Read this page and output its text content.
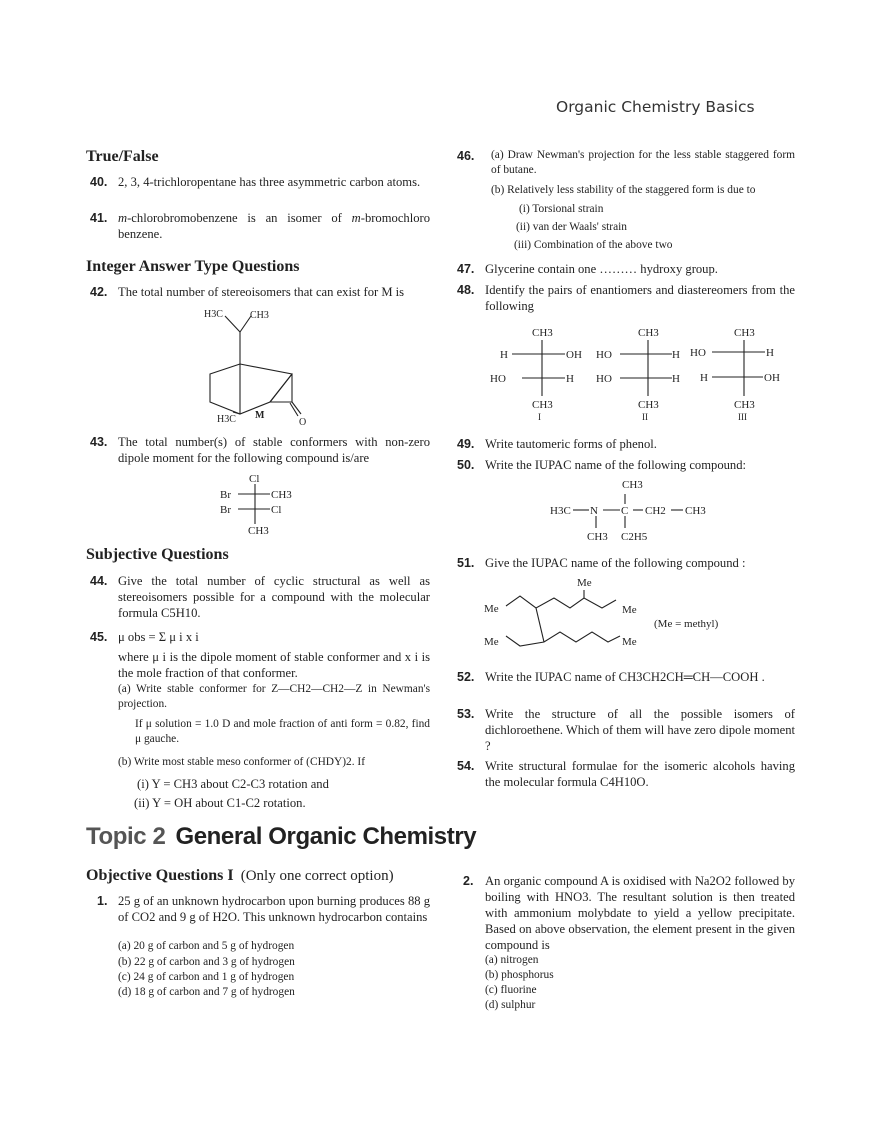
Organic Chemistry Basics
True/False
40. 2, 3, 4-trichloropentane has three asymmetric carbon atoms.
41. m-chlorobromobenzene is an isomer of m-bromochloro benzene.
Integer Answer Type Questions
42. The total number of stereoisomers that can exist for M is
H3C	CH3
H3C M
O
43. The total number(s) of stable conformers with non-zero dipole moment for the following compound is/are
Cl
Br	CH3
Br	Cl
CH3
Subjective Questions
44. Give the total number of cyclic structural as well as stereoisomers possible for a compound with the molecular formula C5H10.
45. μ obs = Σ μ i x i
where μ i is the dipole moment of stable conformer and x i is the mole fraction of that conformer.
(a) Write stable conformer for Z—CH2—CH2—Z in Newman's projection.
If μ solution = 1.0 D and mole fraction of anti form = 0.82, find μ gauche.
(b) Write most stable meso conformer of (CHDY)2. If
(i) Y = CH3 about C2-C3 rotation and
(ii) Y = OH about C1-C2 rotation.
46. (a) Draw Newman's projection for the less stable staggered form of butane.
(b) Relatively less stability of the staggered form is due to
(i) Torsional strain
(ii) van der Waals' strain
(iii) Combination of the above two
47. Glycerine contain one ……… hydroxy group.
48. Identify the pairs of enantiomers and diastereomers from the following
CH3
H	OH
HO	H
CH3
I
CH3
HO	H
HO	H
CH3
II
CH3
HO	H
H	OH
CH3
III
49. Write tautomeric forms of phenol.
50. Write the IUPAC name of the following compound:
CH3
H3C N C CH2 CH3
CH3 C2H5
51. Give the IUPAC name of the following compound :
Me
Me	Me
Me	Me
(Me = methyl)
52. Write the IUPAC name of CH3CH2CH═CH—COOH .
53. Write the structure of all the possible isomers of dichloroethene. Which of them will have zero dipole moment ?
54. Write structural formulae for the isomeric alcohols having the molecular formula C4H10O.
Topic 2 General Organic Chemistry
Objective Questions I (Only one correct option)
1. 25 g of an unknown hydrocarbon upon burning produces 88 g of CO2 and 9 g of H2O. This unknown hydrocarbon contains
(a) 20 g of carbon and 5 g of hydrogen
(b) 22 g of carbon and 3 g of hydrogen
(c) 24 g of carbon and 1 g of hydrogen
(d) 18 g of carbon and 7 g of hydrogen
2. An organic compound A is oxidised with Na2O2 followed by boiling with HNO3. The resultant solution is then treated with ammonium molybdate to yield a yellow precipitate. Based on above observation, the element present in the given compound is
(a) nitrogen
(b) phosphorus
(c) fluorine
(d) sulphur
